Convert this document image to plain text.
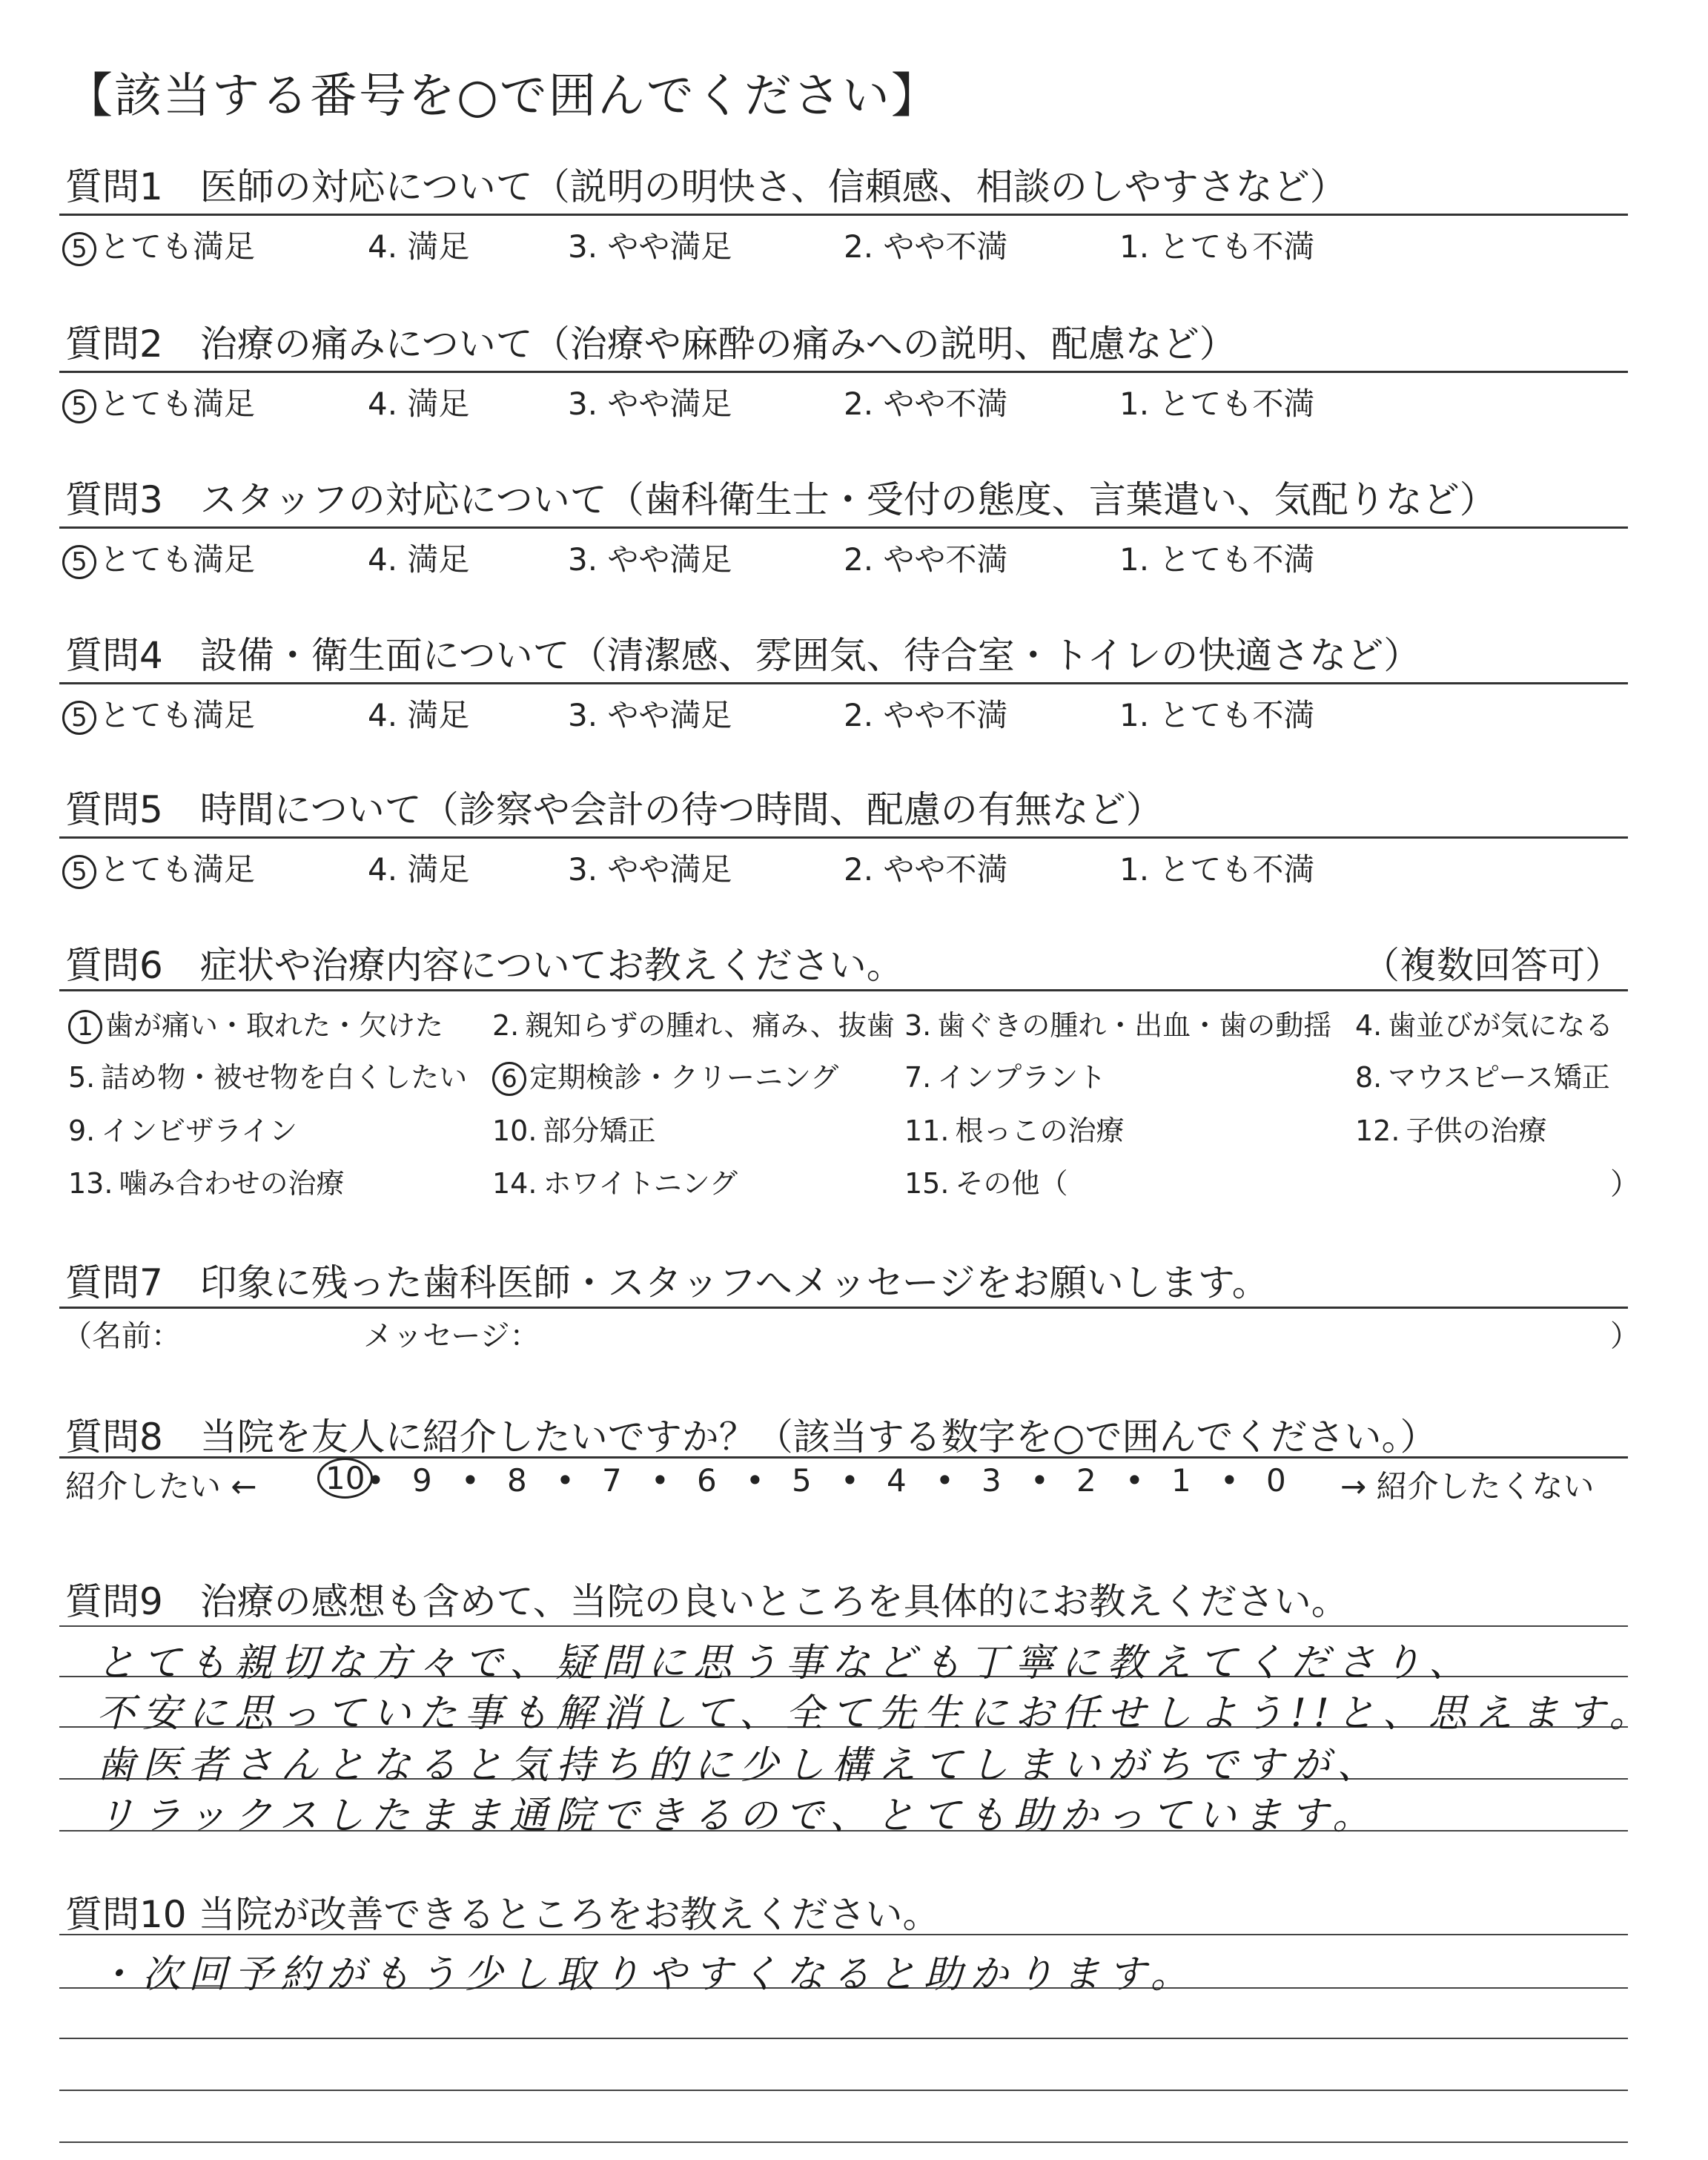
【該当する番号を○で囲んでください】
質問1　医師の対応について（説明の明快さ、信頼感、相談のしやすさなど）
5 とても満足	4. 満足	3. やや満足	2. やや不満	1. とても不満
質問2　治療の痛みについて（治療や麻酔の痛みへの説明、配慮など）
5 とても満足	4. 満足	3. やや満足	2. やや不満	1. とても不満
質問3　スタッフの対応について（歯科衛生士・受付の態度、言葉遣い、気配りなど）
5 とても満足	4. 満足	3. やや満足	2. やや不満	1. とても不満
質問4　設備・衛生面について（清潔感、雰囲気、待合室・トイレの快適さなど）
5 とても満足	4. 満足	3. やや満足	2. やや不満	1. とても不満
質問5　時間について（診察や会計の待つ時間、配慮の有無など）
5 とても満足	4. 満足	3. やや満足	2. やや不満	1. とても不満
質問6　症状や治療内容についてお教えください。	（複数回答可）
1 歯が痛い・取れた・欠けた 2. 親知らずの腫れ、痛み、抜歯 3. 歯ぐきの腫れ・出血・歯の動揺 4. 歯並びが気になる
5. 詰め物・被せ物を白くしたい	6 定期検診・クリーニング 7. インプラント	8. マウスピース矯正
9. インビザライン	10. 部分矯正	11. 根っこの治療	12. 子供の治療
13. 噛み合わせの治療	14. ホワイトニング	15. その他（	）
質問7　印象に残った歯科医師・スタッフへメッセージをお願いします。
（名前：	メッセージ：	）
質問8　当院を友人に紹介したいですか？（該当する数字を○で囲んでください。）
紹介したい ← 10 • 9 • 8 • 7 • 6 • 5 • 4 • 3 • 2 • 1 • 0 → 紹介したくない
質問9　治療の感想も含めて、当院の良いところを具体的にお教えください。
とても親切な方々で、疑問に思う事なども丁寧に教えてくださり、
不安に思っていた事も解消して、全て先生にお任せしよう!!と、思えます。
歯医者さんとなると気持ち的に少し構えてしまいがちですが、
リラックスしたまま通院できるので、とても助かっています。
質問10 当院が改善できるところをお教えください。
・次回予約がもう少し取りやすくなると助かります。
